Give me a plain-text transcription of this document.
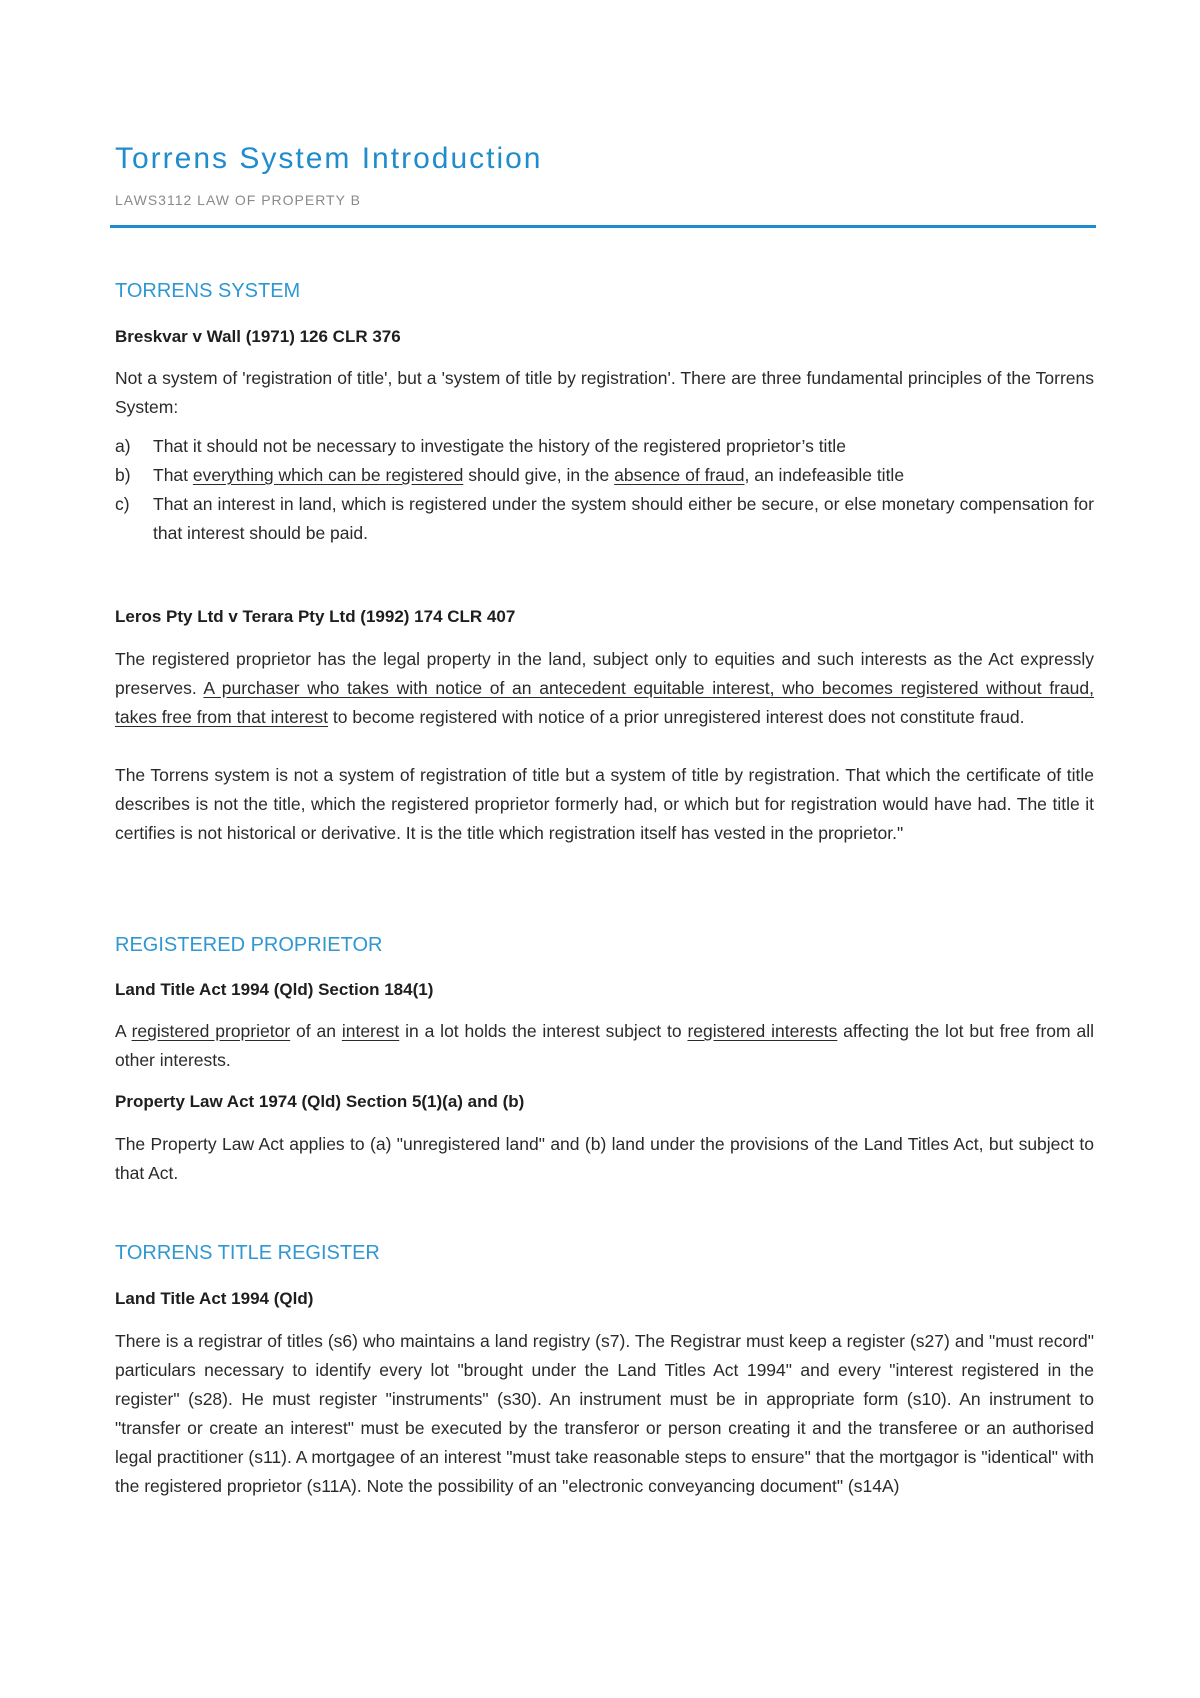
Torrens System Introduction

LAWS3112 LAW OF PROPERTY B

TORRENS SYSTEM

Breskvar v Wall (1971) 126 CLR 376

Not a system of 'registration of title', but a 'system of title by registration'. There are three fundamental principles of the Torrens System:

a) That it should not be necessary to investigate the history of the registered proprietor’s title
b) That everything which can be registered should give, in the absence of fraud, an indefeasible title
c) That an interest in land, which is registered under the system should either be secure, or else monetary compensation for that interest should be paid.

Leros Pty Ltd v Terara Pty Ltd (1992) 174 CLR 407

The registered proprietor has the legal property in the land, subject only to equities and such interests as the Act expressly preserves. A purchaser who takes with notice of an antecedent equitable interest, who becomes registered without fraud, takes free from that interest to become registered with notice of a prior unregistered interest does not constitute fraud.

The Torrens system is not a system of registration of title but a system of title by registration. That which the certificate of title describes is not the title, which the registered proprietor formerly had, or which but for registration would have had. The title it certifies is not historical or derivative. It is the title which registration itself has vested in the proprietor."

REGISTERED PROPRIETOR

Land Title Act 1994 (Qld) Section 184(1)

A registered proprietor of an interest in a lot holds the interest subject to registered interests affecting the lot but free from all other interests.

Property Law Act 1974 (Qld) Section 5(1)(a) and (b)

The Property Law Act applies to (a) "unregistered land" and (b) land under the provisions of the Land Titles Act, but subject to that Act.

TORRENS TITLE REGISTER

Land Title Act 1994 (Qld)

There is a registrar of titles (s6) who maintains a land registry (s7). The Registrar must keep a register (s27) and "must record" particulars necessary to identify every lot "brought under the Land Titles Act 1994" and every "interest registered in the register" (s28). He must register "instruments" (s30). An instrument must be in appropriate form (s10). An instrument to "transfer or create an interest" must be executed by the transferor or person creating it and the transferee or an authorised legal practitioner (s11). A mortgagee of an interest "must take reasonable steps to ensure" that the mortgagor is "identical" with the registered proprietor (s11A). Note the possibility of an "electronic conveyancing document" (s14A)
